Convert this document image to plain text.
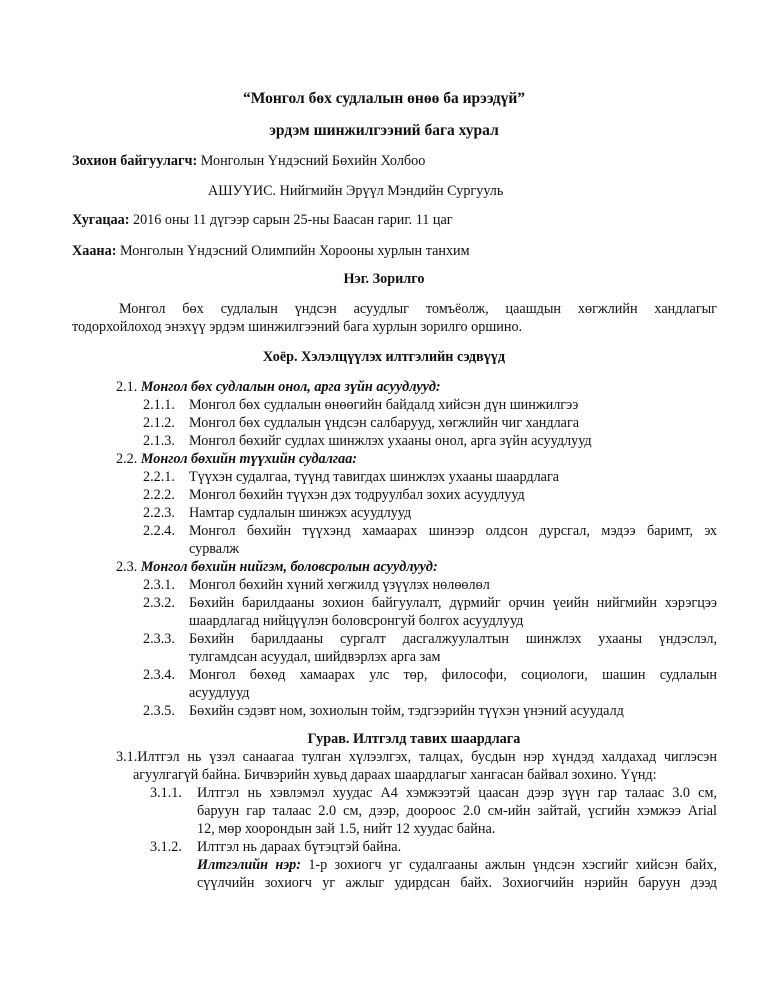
“Монгол бөх судлалын өнөө ба ирээдүй”
эрдэм шинжилгээний бага хурал
Зохион байгуулагч: Монголын Үндэсний Бөхийн Холбоо
АШУҮИС. Нийгмийн Эрүүл Мэндийн Сургууль
Хугацаа: 2016 оны 11 дүгээр сарын 25-ны Баасан гариг. 11 цаг
Хаана: Монголын Үндэсний Олимпийн Хорооны хурлын танхим
Нэг. Зорилго
Монгол бөх судлалын үндсэн асуудлыг томъёолж, цаашдын хөгжлийн хандлагыг
тодорхойлоход энэхүү эрдэм шинжилгээний бага хурлын зорилго оршино.
Хоёр. Хэлэлцүүлэх илтгэлийн сэдвүүд
2.1. Монгол бөх судлалын онол, арга зүйн асуудлууд:
2.1.1. Монгол бөх судлалын өнөөгийн байдалд хийсэн дүн шинжилгээ
2.1.2. Монгол бөх судлалын үндсэн салбарууд, хөгжлийн чиг хандлага
2.1.3. Монгол бөхийг судлах шинжлэх ухааны онол, арга зүйн асуудлууд
2.2. Монгол бөхийн түүхийн судалгаа:
2.2.1. Түүхэн судалгаа, түүнд тавигдах шинжлэх ухааны шаардлага
2.2.2. Монгол бөхийн түүхэн дэх тодруулбал зохих асуудлууд
2.2.3. Намтар судлалын шинжэх асуудлууд
2.2.4. Монгол бөхийн түүхэнд хамаарах шинээр олдсон дурсгал, мэдээ баримт, эх
сурвалж
2.3. Монгол бөхийн нийгэм, боловсролын асуудлууд:
2.3.1. Монгол бөхийн хүний хөгжилд үзүүлэх нөлөөлөл
2.3.2. Бөхийн барилдааны зохион байгуулалт, дүрмийг орчин үеийн нийгмийн хэрэгцээ
шаардлагад нийцүүлэн боловсронгуй болгох асуудлууд
2.3.3. Бөхийн барилдааны сургалт дасгалжуулалтын шинжлэх ухааны үндэслэл,
тулгамдсан асуудал, шийдвэрлэх арга зам
2.3.4. Монгол бөхөд хамаарах улс төр, философи, социологи, шашин судлалын
асуудлууд
2.3.5. Бөхийн сэдэвт ном, зохиолын тойм, тэдгээрийн түүхэн үнэний асуудалд
Гурав. Илтгэлд тавих шаардлага
3.1.Илтгэл нь үзэл санаагаа тулган хүлээлгэх, талцах, бусдын нэр хүндэд халдахад чиглэсэн
агуулгагүй байна. Бичвэрийн хувьд дараах шаардлагыг хангасан байвал зохино. Үүнд:
3.1.1. Илтгэл нь хэвлэмэл хуудас А4 хэмжээтэй цаасан дээр зүүн гар талаас 3.0 см,
баруун гар талаас 2.0 см, дээр, доороос 2.0 см-ийн зайтай, үсгийн хэмжээ Arial
12, мөр хоорондын зай 1.5, нийт 12 хуудас байна.
3.1.2. Илтгэл нь дараах бүтэцтэй байна.
Илтгэлийн нэр: 1-р зохиогч уг судалгааны ажлын үндсэн хэсгийг хийсэн байх,
сүүлчийн зохиогч уг ажлыг удирдсан байх. Зохиогчийн нэрийн баруун дээд
